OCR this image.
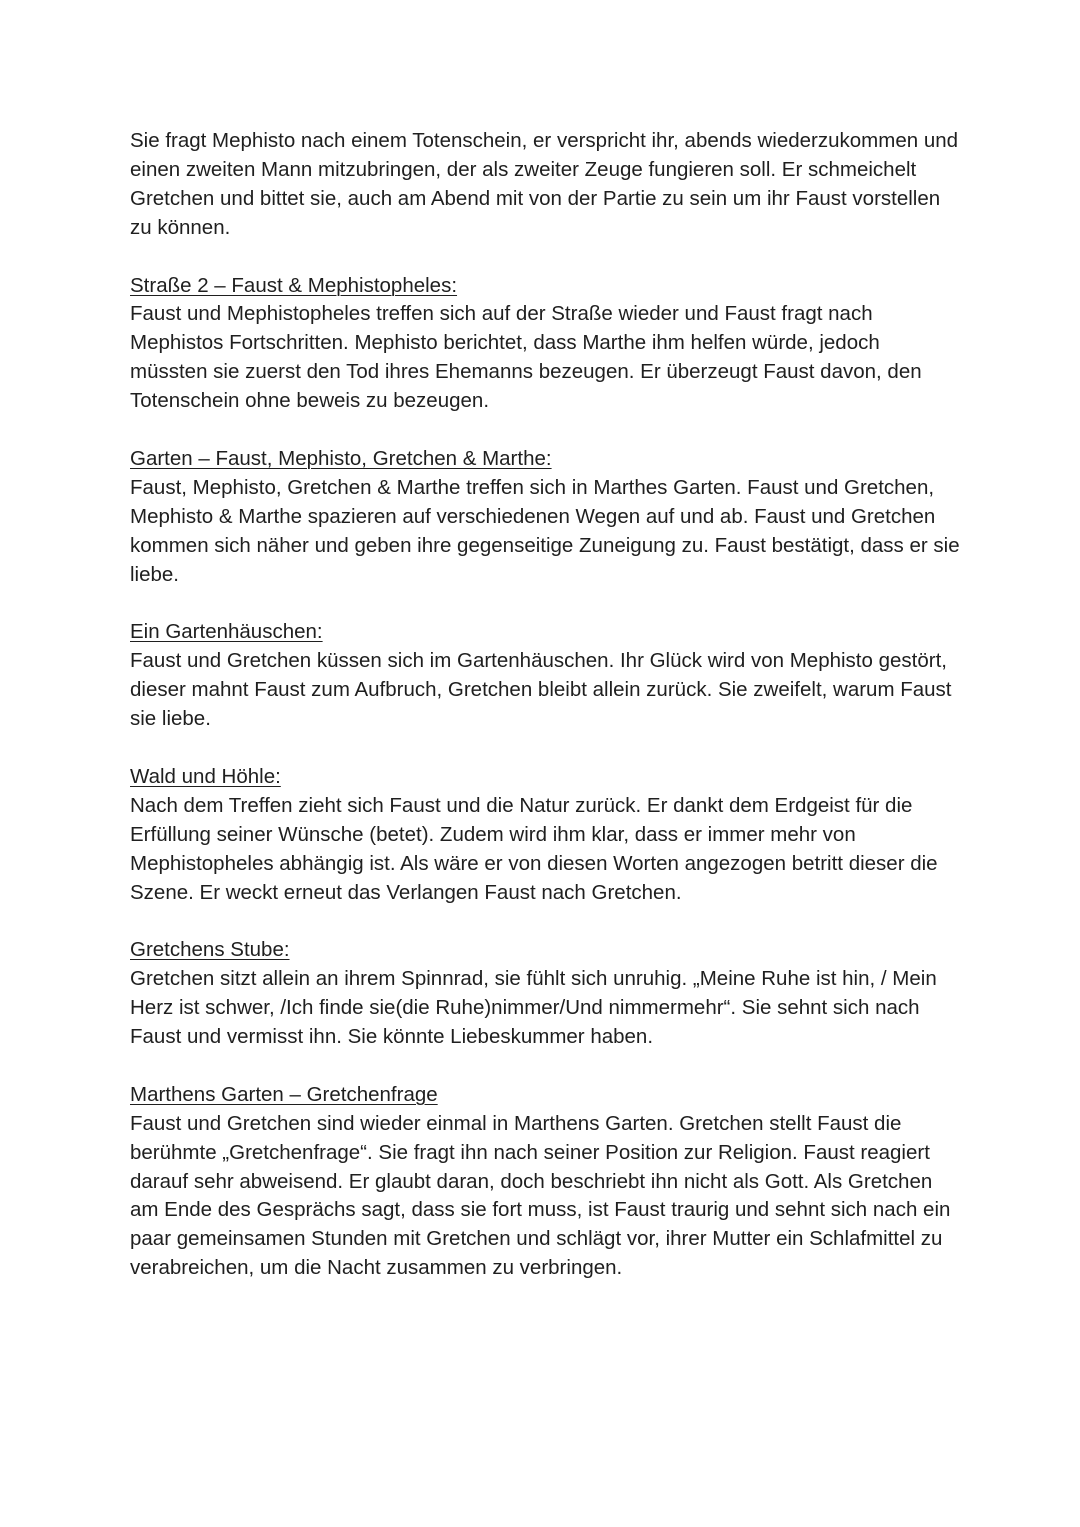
Sie fragt Mephisto nach einem Totenschein, er verspricht ihr, abends wiederzukommen und einen zweiten Mann mitzubringen, der als zweiter Zeuge fungieren soll. Er schmeichelt Gretchen und bittet sie, auch am Abend mit von der Partie zu sein um ihr Faust vorstellen zu können.

Straße 2 – Faust & Mephistopheles:
Faust und Mephistopheles treffen sich auf der Straße wieder und Faust fragt nach Mephistos Fortschritten. Mephisto berichtet, dass Marthe ihm helfen würde, jedoch müssten sie zuerst den Tod ihres Ehemanns bezeugen. Er überzeugt Faust davon, den Totenschein ohne beweis zu bezeugen.
Garten – Faust, Mephisto, Gretchen & Marthe:
Faust, Mephisto, Gretchen & Marthe treffen sich in Marthes Garten. Faust und Gretchen, Mephisto & Marthe spazieren auf verschiedenen Wegen auf und ab. Faust und Gretchen kommen sich näher und geben ihre gegenseitige Zuneigung zu. Faust bestätigt, dass er sie liebe.
Ein Gartenhäuschen:
Faust und Gretchen küssen sich im Gartenhäuschen. Ihr Glück wird von Mephisto gestört, dieser mahnt Faust zum Aufbruch, Gretchen bleibt allein zurück. Sie zweifelt, warum Faust sie liebe.
Wald und Höhle:
Nach dem Treffen zieht sich Faust und die Natur zurück. Er dankt dem Erdgeist für die Erfüllung seiner Wünsche (betet). Zudem wird ihm klar, dass er immer mehr von Mephistopheles abhängig ist. Als wäre er von diesen Worten angezogen betritt dieser die Szene. Er weckt erneut das Verlangen Faust nach Gretchen.
Gretchens Stube:
Gretchen sitzt allein an ihrem Spinnrad, sie fühlt sich unruhig. „Meine Ruhe ist hin, / Mein Herz ist schwer, /Ich finde sie(die Ruhe)nimmer/Und nimmermehr“. Sie sehnt sich nach Faust und vermisst ihn. Sie könnte Liebeskummer haben.
Marthens Garten – Gretchenfrage
Faust und Gretchen sind wieder einmal in Marthens Garten. Gretchen stellt Faust die berühmte „Gretchenfrage“. Sie fragt ihn nach seiner Position zur Religion. Faust reagiert darauf sehr abweisend. Er glaubt daran, doch beschriebt ihn nicht als Gott. Als Gretchen am Ende des Gesprächs sagt, dass sie fort muss, ist Faust traurig und sehnt sich nach ein paar gemeinsamen Stunden mit Gretchen und schlägt vor, ihrer Mutter ein Schlafmittel zu verabreichen, um die Nacht zusammen zu verbringen.
